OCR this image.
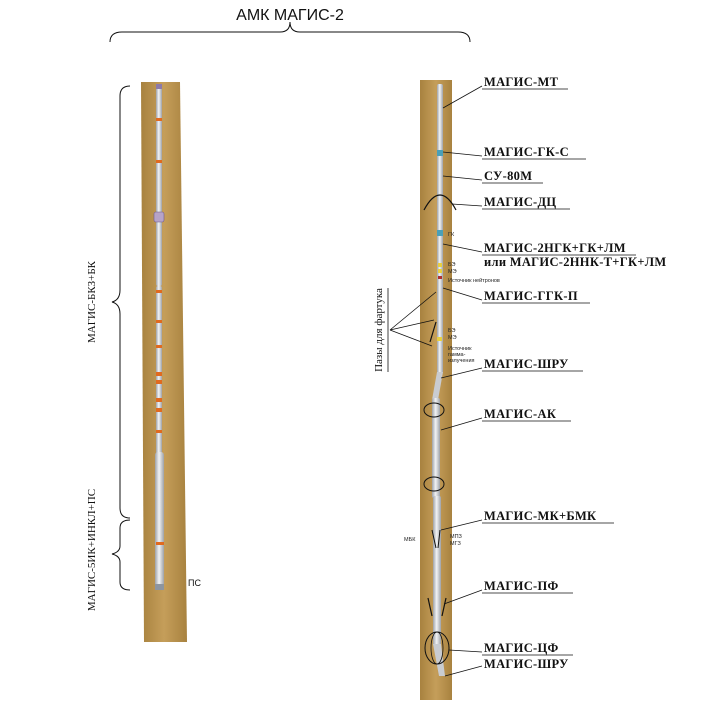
АМК МАГИС-2
МАГИС-БКЗ+БК
МАГИС-5ИК+ИНКЛ+ПС	ПС
МАГИС-МТ
МАГИС-ГК-С
СУ-80М
МАГИС-ДЦ
МАГИС-2НГК+ГК+ЛМ
или МАГИС-2ННК-Т+ГК+ЛМ
МАГИС-ГГК-П
МАГИС-ШРУ
МАГИС-АК
МАГИС-МК+БМК
МАГИС-ПФ
МАГИС-ЦФ
МАГИС-ШРУ
ГК
БЭ
МЭ
Источник нейтронов
БЭ
МЭ
Источник
гамма-
излучения
МБК	МПЗ
МГЗ
Пазы для фартука
